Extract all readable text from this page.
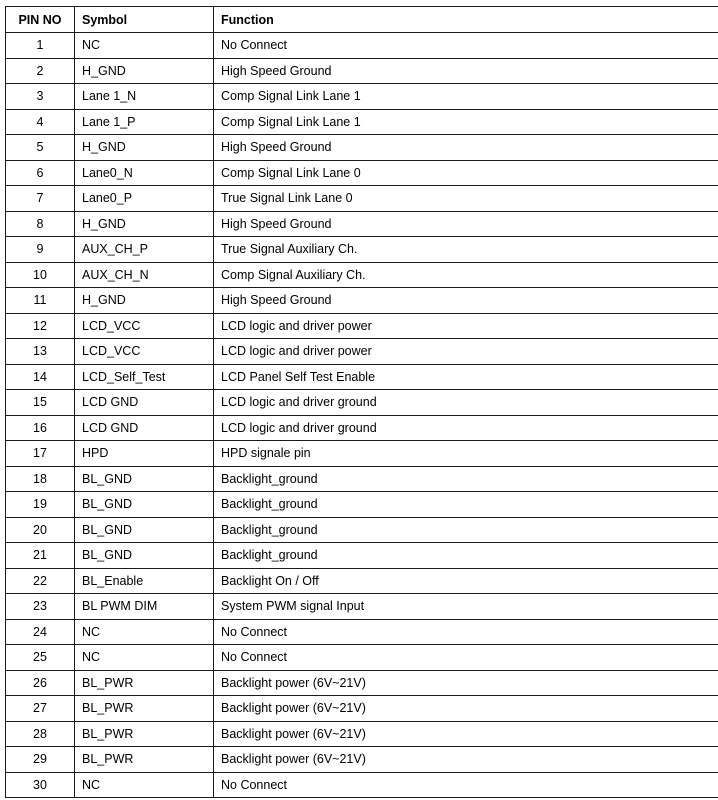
PIN NO	Symbol	Function
1	NC	No Connect
2	H_GND	High Speed Ground
3	Lane 1_N	Comp Signal Link Lane 1
4	Lane 1_P	Comp Signal Link Lane 1
5	H_GND	High Speed Ground
6	Lane0_N	Comp Signal Link Lane 0
7	Lane0_P	True Signal Link Lane 0
8	H_GND	High Speed Ground
9	AUX_CH_P	True Signal Auxiliary Ch.
10	AUX_CH_N	Comp Signal Auxiliary Ch.
11	H_GND	High Speed Ground
12	LCD_VCC	LCD logic and driver power
13	LCD_VCC	LCD logic and driver power
14	LCD_Self_Test	LCD Panel Self Test Enable
15	LCD GND	LCD logic and driver ground
16	LCD GND	LCD logic and driver ground
17	HPD	HPD signale pin
18	BL_GND	Backlight_ground
19	BL_GND	Backlight_ground
20	BL_GND	Backlight_ground
21	BL_GND	Backlight_ground
22	BL_Enable	Backlight On / Off
23	BL PWM DIM	System PWM signal Input
24	NC	No Connect
25	NC	No Connect
26	BL_PWR	Backlight power (6V~21V)
27	BL_PWR	Backlight power (6V~21V)
28	BL_PWR	Backlight power (6V~21V)
29	BL_PWR	Backlight power (6V~21V)
30	NC	No Connect
